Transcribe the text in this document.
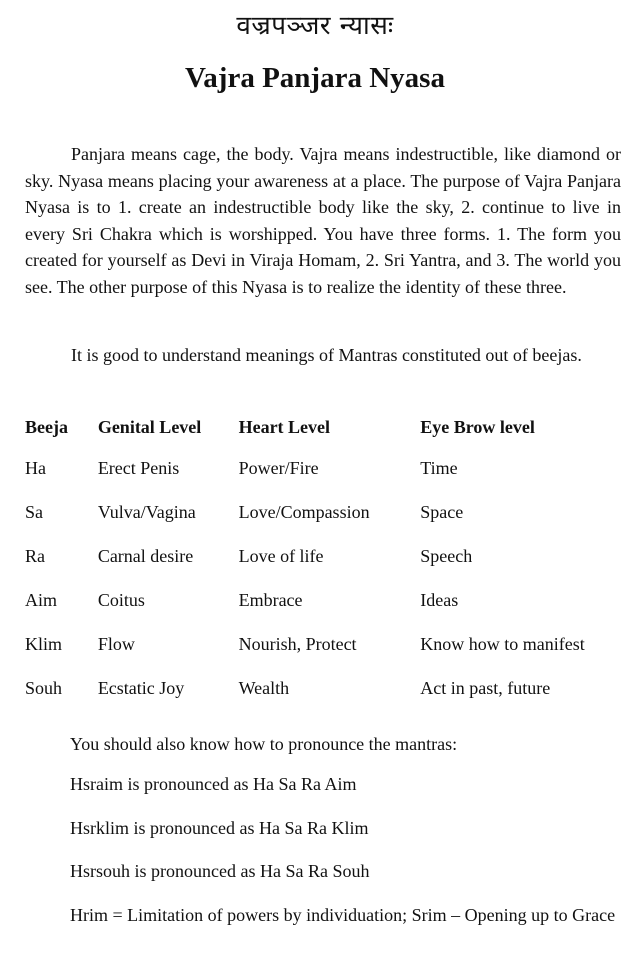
वज्रपञ्जर न्यासः
Vajra Panjara Nyasa
Panjara means cage, the body. Vajra means indestructible, like diamond or sky. Nyasa means placing your awareness at a place. The purpose of Vajra Panjara Nyasa is to 1. create an indestructible body like the sky, 2. continue to live in every Sri Chakra which is worshipped. You have three forms. 1. The form you created for yourself as Devi in Viraja Homam, 2. Sri Yantra, and 3. The world you see. The other purpose of this Nyasa is to realize the identity of these three.
It is good to understand meanings of Mantras constituted out of beejas.
Beeja	Genital Level	Heart Level	Eye Brow level
Ha	Erect Penis	Power/Fire	Time
Sa	Vulva/Vagina	Love/Compassion	Space
Ra	Carnal desire	Love of life	Speech
Aim	Coitus	Embrace	Ideas
Klim	Flow	Nourish, Protect	Know how to manifest
Souh	Ecstatic Joy	Wealth	Act in past, future
You should also know how to pronounce the mantras:
Hsraim is pronounced as Ha Sa Ra Aim
Hsrklim is pronounced as Ha Sa Ra Klim
Hsrsouh is pronounced as Ha Sa Ra Souh
Hrim = Limitation of powers by individuation; Srim – Opening up to Grace
